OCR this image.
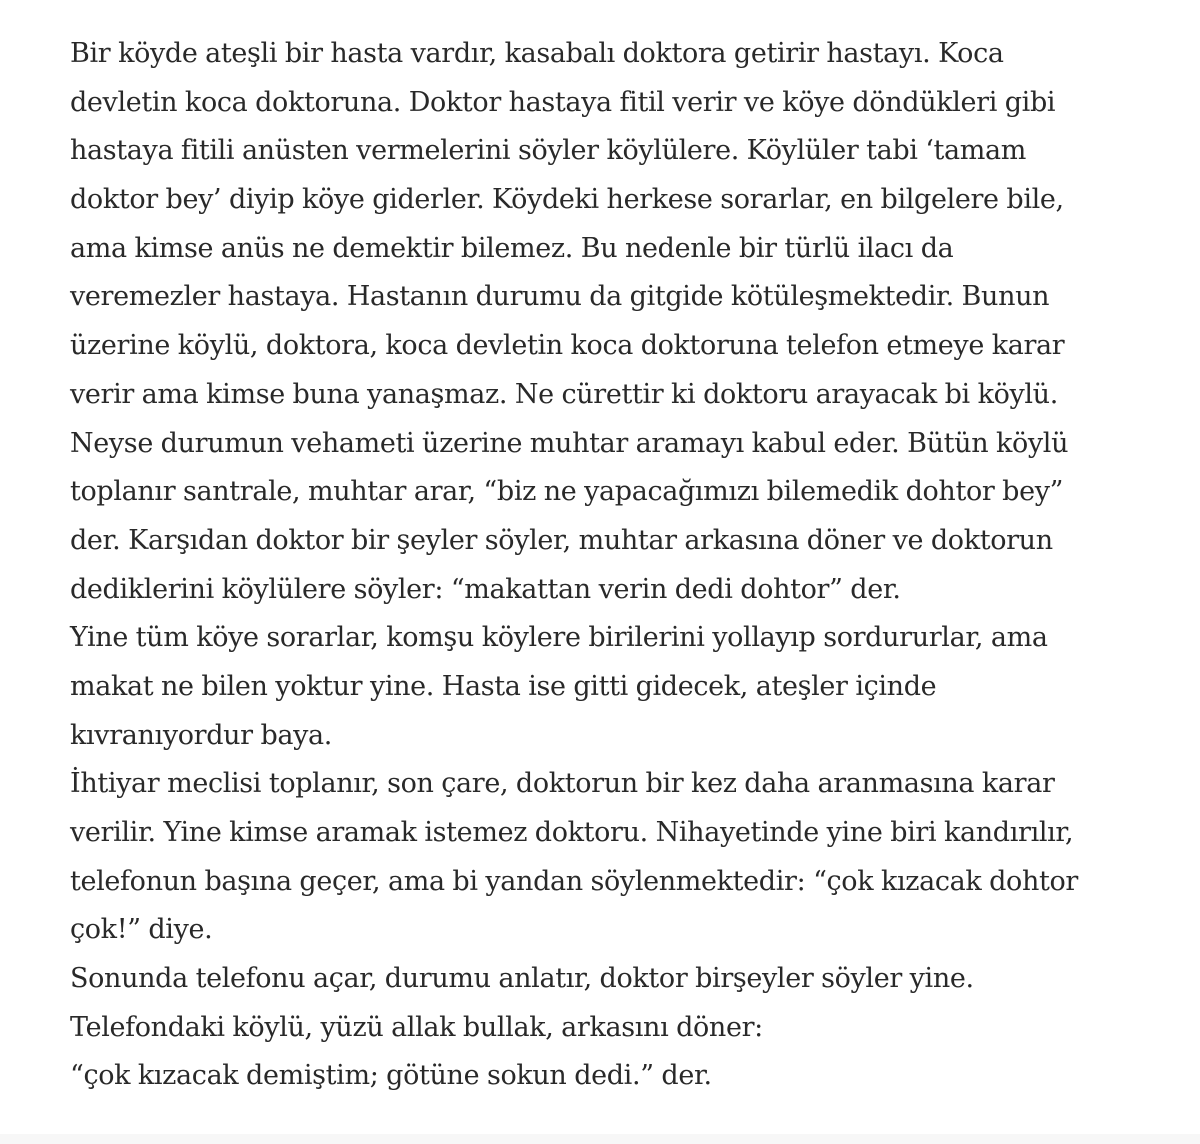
Bir köyde ateşli bir hasta vardır, kasabalı doktora getirir hastayı. Koca
devletin koca doktoruna. Doktor hastaya fitil verir ve köye döndükleri gibi
hastaya fitili anüsten vermelerini söyler köylülere. Köylüler tabi ‘tamam
doktor bey’ diyip köye giderler. Köydeki herkese sorarlar, en bilgelere bile,
ama kimse anüs ne demektir bilemez. Bu nedenle bir türlü ilacı da
veremezler hastaya. Hastanın durumu da gitgide kötüleşmektedir. Bunun
üzerine köylü, doktora, koca devletin koca doktoruna telefon etmeye karar
verir ama kimse buna yanaşmaz. Ne cürettir ki doktoru arayacak bi köylü.
Neyse durumun vehameti üzerine muhtar aramayı kabul eder. Bütün köylü
toplanır santrale, muhtar arar, “biz ne yapacağımızı bilemedik dohtor bey”
der. Karşıdan doktor bir şeyler söyler, muhtar arkasına döner ve doktorun
dediklerini köylülere söyler: “makattan verin dedi dohtor” der.
Yine tüm köye sorarlar, komşu köylere birilerini yollayıp sordururlar, ama
makat ne bilen yoktur yine. Hasta ise gitti gidecek, ateşler içinde
kıvranıyordur baya.
İhtiyar meclisi toplanır, son çare, doktorun bir kez daha aranmasına karar
verilir. Yine kimse aramak istemez doktoru. Nihayetinde yine biri kandırılır,
telefonun başına geçer, ama bi yandan söylenmektedir: “çok kızacak dohtor
çok!” diye.
Sonunda telefonu açar, durumu anlatır, doktor birşeyler söyler yine.
Telefondaki köylü, yüzü allak bullak, arkasını döner:
“çok kızacak demiştim; götüne sokun dedi.” der.
